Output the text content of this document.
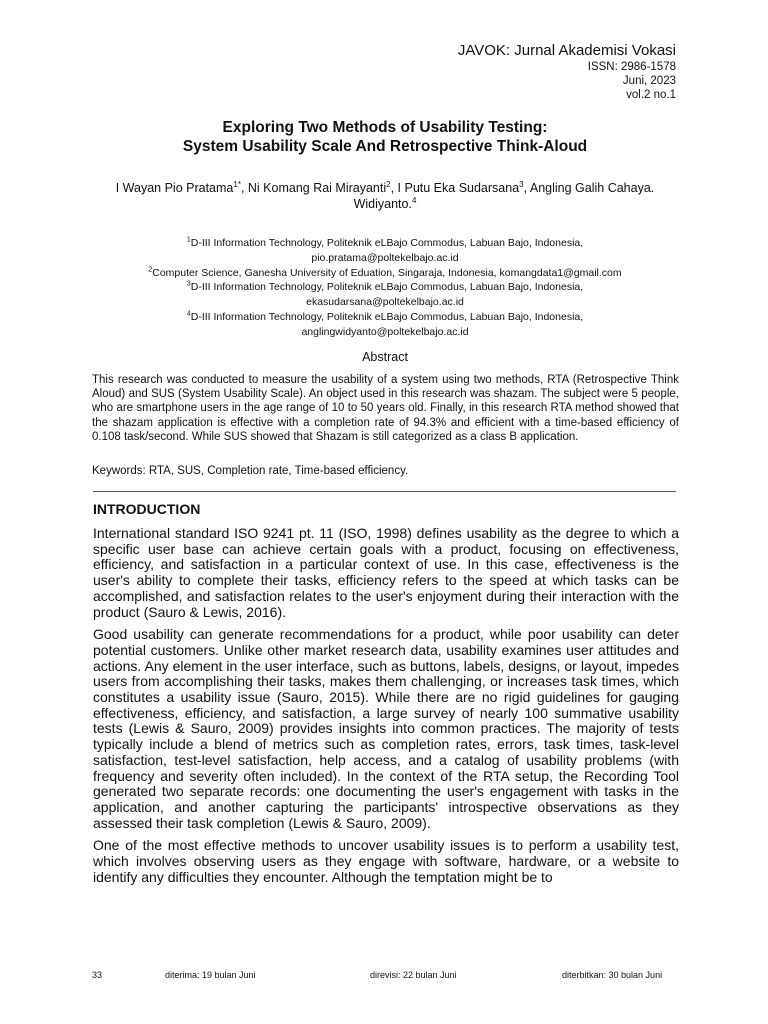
JAVOK: Jurnal Akademisi Vokasi
ISSN: 2986-1578
Juni, 2023
vol.2 no.1
Exploring Two Methods of Usability Testing:
System Usability Scale And Retrospective Think-Aloud
I Wayan Pio Pratama$^{1*}$, Ni Komang Rai Mirayanti$^2$, I Putu Eka Sudarsana$^3$, Angling Galih Cahaya. Widiyanto.$^4$
$^1$D-III Information Technology, Politeknik eLBajo Commodus, Labuan Bajo, Indonesia,
pio.pratama@poltekelbajo.ac.id
$^2$Computer Science, Ganesha University of Eduation, Singaraja, Indonesia, komangdata1@gmail.com
$^3$D-III Information Technology, Politeknik eLBajo Commodus, Labuan Bajo, Indonesia,
ekasudarsana@poltekelbajo.ac.id
$^4$D-III Information Technology, Politeknik eLBajo Commodus, Labuan Bajo, Indonesia,
anglingwidyanto@poltekelbajo.ac.id
Abstract
This research was conducted to measure the usability of a system using two methods, RTA (Retrospective Think Aloud) and SUS (System Usability Scale). An object used in this research was shazam. The subject were 5 people, who are smartphone users in the age range of 10 to 50 years old. Finally, in this research RTA method showed that the shazam application is effective with a completion rate of 94.3% and efficient with a time-based efficiency of 0.108 task/second. While SUS showed that Shazam is still categorized as a class B application.
Keywords: RTA, SUS, Completion rate, Time-based efficiency.
INTRODUCTION

International standard ISO 9241 pt. 11 (ISO, 1998) defines usability as the degree to which a specific user base can achieve certain goals with a product, focusing on effectiveness, efficiency, and satisfaction in a particular context of use. In this case, effectiveness is the user's ability to complete their tasks, efficiency refers to the speed at which tasks can be accomplished, and satisfaction relates to the user's enjoyment during their interaction with the product (Sauro & Lewis, 2016).

Good usability can generate recommendations for a product, while poor usability can deter potential customers. Unlike other market research data, usability examines user attitudes and actions. Any element in the user interface, such as buttons, labels, designs, or layout, impedes users from accomplishing their tasks, makes them challenging, or increases task times, which constitutes a usability issue (Sauro, 2015). While there are no rigid guidelines for gauging effectiveness, efficiency, and satisfaction, a large survey of nearly 100 summative usability tests (Lewis & Sauro, 2009) provides insights into common practices. The majority of tests typically include a blend of metrics such as completion rates, errors, task times, task-level satisfaction, test-level satisfaction, help access, and a catalog of usability problems (with frequency and severity often included). In the context of the RTA setup, the Recording Tool generated two separate records: one documenting the user's engagement with tasks in the application, and another capturing the participants' introspective observations as they assessed their task completion (Lewis & Sauro, 2009).

One of the most effective methods to uncover usability issues is to perform a usability test, which involves observing users as they engage with software, hardware, or a website to identify any difficulties they encounter. Although the temptation might be to

33	diterima: 19 bulan Juni	direvisi: 22 bulan Juni	diterbitkan: 30 bulan Juni
